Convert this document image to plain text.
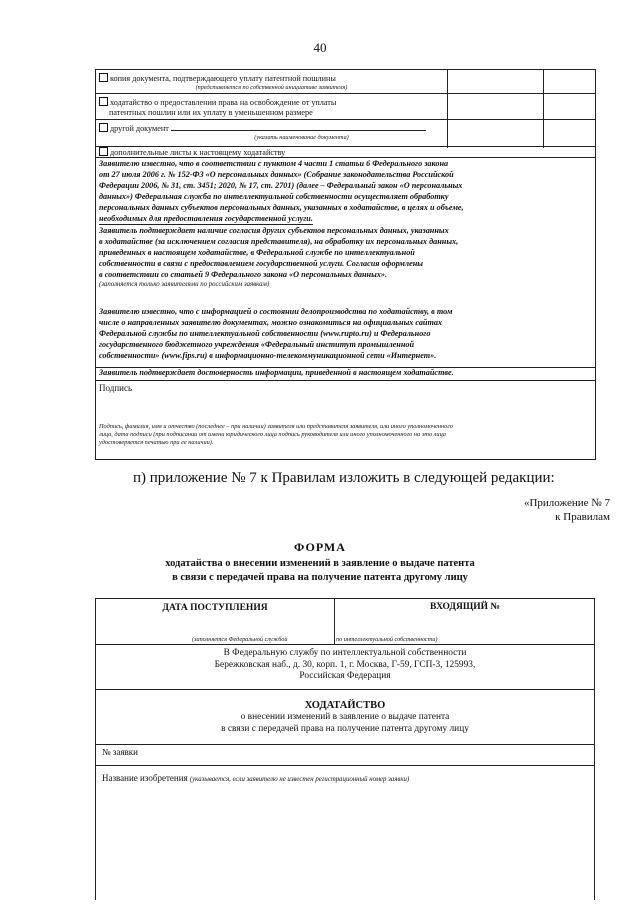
40
копия документа, подтверждающего уплату патентной пошлины
(представляется по собственной инициативе заявителя)
ходатайство о предоставлении права на освобождение от уплаты
патентных пошлин или их уплату в уменьшенном размере
другой документ
(указать наименование документа)
дополнительные листы к настоящему ходатайству
Заявителю известно, что в соответствии с пунктом 4 части 1 статьи 6 Федерального закона
от 27 июля 2006 г. № 152-ФЗ «О персональных данных» (Собрание законодательства Российской
Федерации 2006, № 31, ст. 3451; 2020, № 17, ст. 2701) (далее – Федеральный закон «О персональных
данных») Федеральная служба по интеллектуальной собственности осуществляет обработку
персональных данных субъектов персональных данных, указанных в ходатайстве, в целях и объеме,
необходимых для предоставления государственной услуги.
Заявитель подтверждает наличие согласия других субъектов персональных данных, указанных
в ходатайстве (за исключением согласия представителя), на обработку их персональных данных,
приведенных в настоящем ходатайстве, в Федеральной службе по интеллектуальной
собственности в связи с предоставлением государственной услуги. Согласия оформлены
в соответствии со статьей 9 Федерального закона «О персональных данных».
(заполняется только заявителями по российским заявкам)
Заявителю известно, что с информацией о состоянии делопроизводства по ходатайству, в том
числе о направленных заявителю документах, можно ознакомиться на официальных сайтах
Федеральной службы по интеллектуальной собственности (www.rupto.ru) и Федерального
государственного бюджетного учреждения «Федеральный институт промышленной
собственности» (www.fips.ru) в информационно-телекоммуникационной сети «Интернет».
Заявитель подтверждает достоверность информации, приведенной в настоящем ходатайстве.
Подпись
Подпись, фамилия, имя и отчество (последнее – при наличии) заявителя или представителя заявителя, или иного уполномоченного
лица, дата подписи (при подписании от имени юридического лица подпись руководителя или иного уполномоченного на это лица
удостоверяется печатью при ее наличии).
п) приложение № 7 к Правилам изложить в следующей редакции:
«Приложение № 7
к Правилам
ФОРМА
ходатайства о внесении изменений в заявление о выдаче патента
в связи с передачей права на получение патента другому лицу
ДАТА ПОСТУПЛЕНИЯ	ВХОДЯЩИЙ №
(заполняется Федеральной службой	по интеллектуальной собственности)
В Федеральную службу по интеллектуальной собственности
Бережковская наб., д. 30, корп. 1, г. Москва, Г-59, ГСП-3, 125993,
Российская Федерация
ХОДАТАЙСТВО
о внесении изменений в заявление о выдаче патента
в связи с передачей права на получение патента другому лицу
№ заявки
Название изобретения (указывается, если заявителю не известен регистрационный номер заявки)
